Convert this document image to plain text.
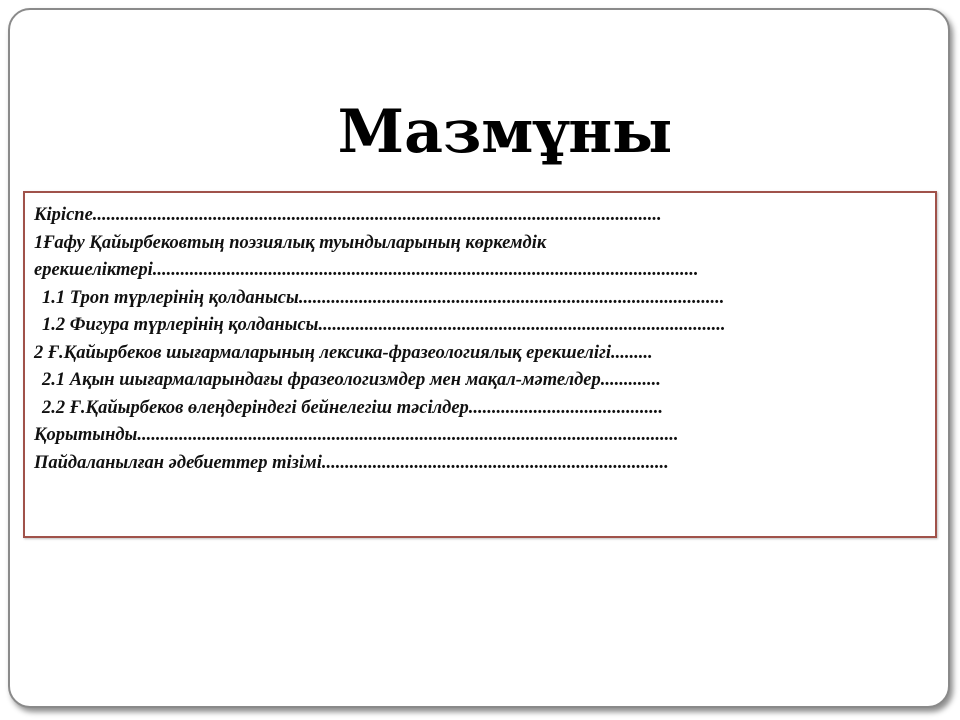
Мазмұны
Кіріспе...........................................................................................................................
1Ғафу Қайырбековтың поэзиялық туындыларының көркемдік
ерекшеліктері......................................................................................................................
1.1 Троп түрлерінің қолданысы............................................................................................
1.2 Фигура түрлерінің қолданысы........................................................................................
2 Ғ.Қайырбеков шығармаларының лексика-фразеологиялық ерекшелігі.........
2.1 Ақын шығармаларындағы фразеологизмдер мен мақал-мәтелдер.............
2.2 Ғ.Қайырбеков өлеңдеріндегі бейнелегіш тәсілдер..........................................
Қорытынды.....................................................................................................................
Пайдаланылған әдебиеттер тізімі...........................................................................
